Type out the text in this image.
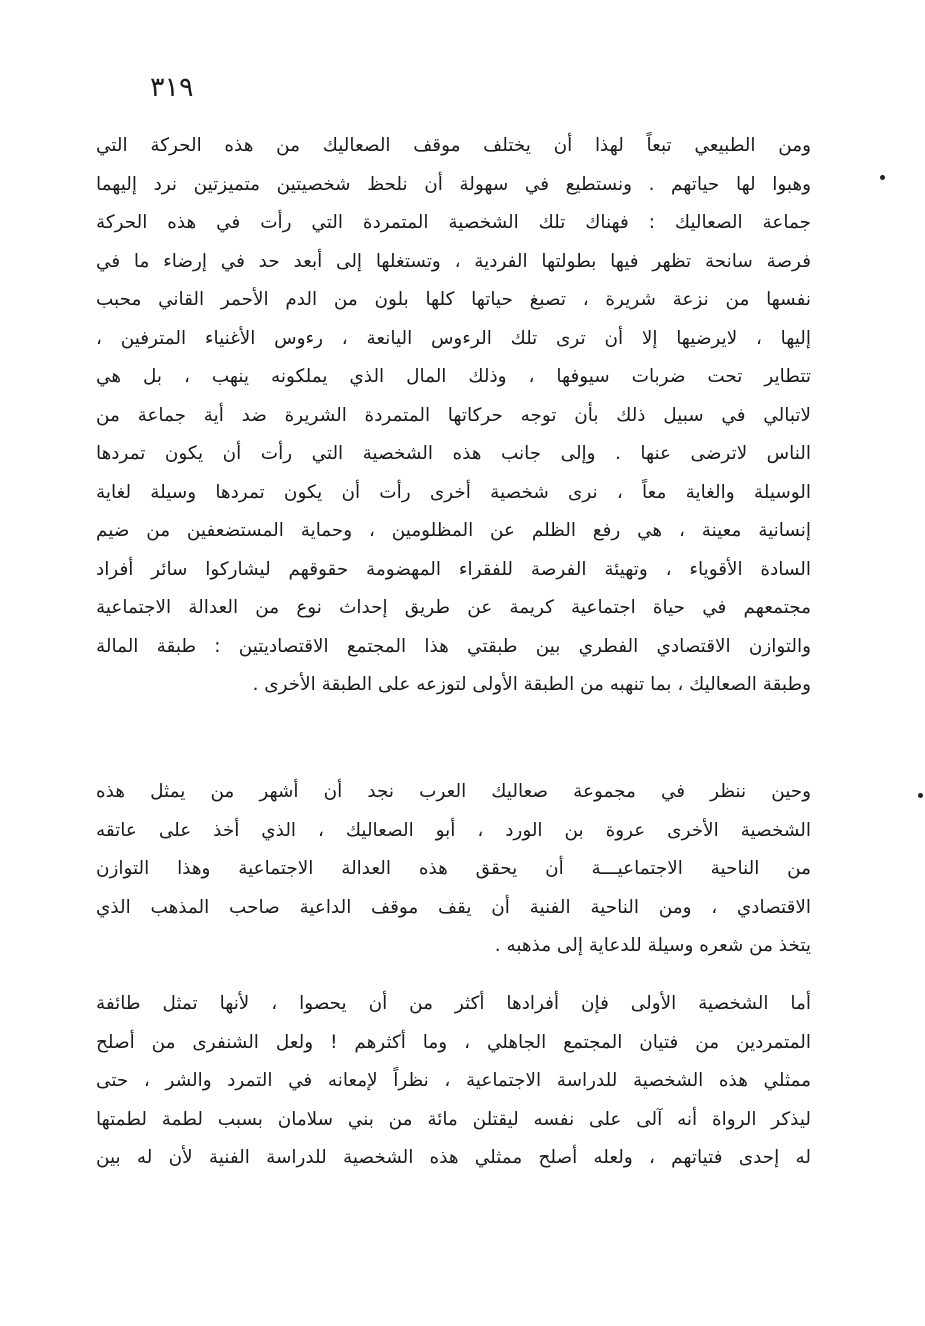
٣١٩
ومن الطبيعي تبعاً لهذا أن يختلف موقف الصعاليك من هذه الحركة التي
وهبوا لها حياتهم . ونستطيع في سهولة أن نلحظ شخصيتين متميزتين نرد إليهما
جماعة الصعاليك : فهناك تلك الشخصية المتمردة التي رأت في هذه الحركة
فرصة سانحة تظهر فيها بطولتها الفردية ، وتستغلها إلى أبعد حد في إرضاء ما في
نفسها من نزعة شريرة ، تصبغ حياتها كلها بلون من الدم الأحمر القاني محبب
إليها ، لايرضيها إلا أن ترى تلك الرءوس اليانعة ، رءوس الأغنياء المترفين ،
تتطاير تحت ضربات سيوفها ، وذلك المال الذي يملكونه ينهب ، بل هي
لاتبالي في سبيل ذلك بأن توجه حركاتها المتمردة الشريرة ضد أية جماعة من
الناس لاترضى عنها . وإلى جانب هذه الشخصية التي رأت أن يكون تمردها
الوسيلة والغاية معاً ، نرى شخصية أخرى رأت أن يكون تمردها وسيلة لغاية
إنسانية معينة ، هي رفع الظلم عن المظلومين ، وحماية المستضعفين من ضيم
السادة الأقوياء ، وتهيئة الفرصة للفقراء المهضومة حقوقهم ليشاركوا سائر أفراد
مجتمعهم في حياة اجتماعية كريمة عن طريق إحداث نوع من العدالة الاجتماعية
والتوازن الاقتصادي الفطري بين طبقتي هذا المجتمع الاقتصاديتين : طبقة المالة
وطبقة الصعاليك ، بما تنهبه من الطبقة الأولى لتوزعه على الطبقة الأخرى .
وحين ننظر في مجموعة صعاليك العرب نجد أن أشهر من يمثل هذه
الشخصية الأخرى عروة بن الورد ، أبو الصعاليك ، الذي أخذ على عاتقه
من الناحية الاجتماعيـــة أن يحقق هذه العدالة الاجتماعية وهذا التوازن
الاقتصادي ، ومن الناحية الفنية أن يقف موقف الداعية صاحب المذهب الذي
يتخذ من شعره وسيلة للدعاية إلى مذهبه .
أما الشخصية الأولى فإن أفرادها أكثر من أن يحصوا ، لأنها تمثل طائفة
المتمردين من فتيان المجتمع الجاهلي ، وما أكثرهم ! ولعل الشنفرى من أصلح
ممثلي هذه الشخصية للدراسة الاجتماعية ، نظراً لإمعانه في التمرد والشر ، حتى
ليذكر الرواة أنه آلى على نفسه ليقتلن مائة من بني سلامان بسبب لطمة لطمتها
له إحدى فتياتهم ، ولعله أصلح ممثلي هذه الشخصية للدراسة الفنية لأن له بين
